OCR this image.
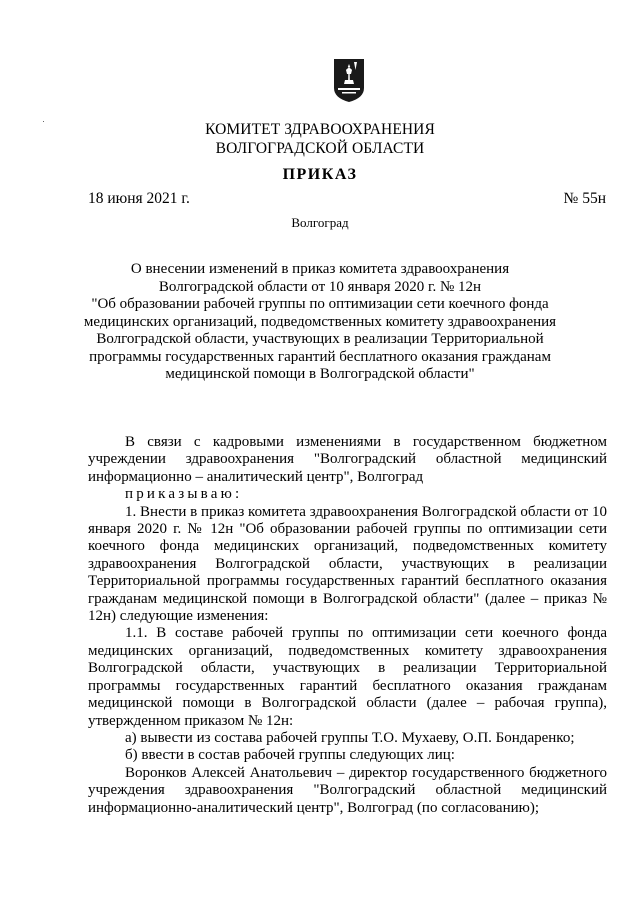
КОМИТЕТ ЗДРАВООХРАНЕНИЯ
ВОЛГОГРАДСКОЙ ОБЛАСТИ
ПРИКАЗ
18 июня 2021 г.	№ 55н
Волгоград
О внесении изменений в приказ комитета здравоохранения
Волгоградской области от 10 января 2020 г. № 12н
"Об образовании рабочей группы по оптимизации сети коечного фонда
медицинских организаций, подведомственных комитету здравоохранения
Волгоградской области, участвующих в реализации Территориальной
программы государственных гарантий бесплатного оказания гражданам
медицинской помощи в Волгоградской области"

В связи с кадровыми изменениями в государственном бюджетном учреждении здравоохранения "Волгоградский областной медицинский информационно – аналитический центр", Волгоград

приказываю:

1. Внести в приказ комитета здравоохранения Волгоградской области от 10 января 2020 г. № 12н "Об образовании рабочей группы по оптимизации сети коечного фонда медицинских организаций, подведомственных комитету здравоохранения Волгоградской области, участвующих в реализации Территориальной программы государственных гарантий бесплатного оказания гражданам медицинской помощи в Волгоградской области" (далее – приказ № 12н) следующие изменения:

1.1. В составе рабочей группы по оптимизации сети коечного фонда медицинских организаций, подведомственных комитету здравоохранения Волгоградской области, участвующих в реализации Территориальной программы государственных гарантий бесплатного оказания гражданам медицинской помощи в Волгоградской области (далее – рабочая группа), утвержденном приказом № 12н:

а) вывести из состава рабочей группы Т.О. Мухаеву, О.П. Бондаренко;

б) ввести в состав рабочей группы следующих лиц:

Воронков Алексей Анатольевич – директор государственного бюджетного учреждения здравоохранения "Волгоградский областной медицинский информационно-аналитический центр", Волгоград (по согласованию);
